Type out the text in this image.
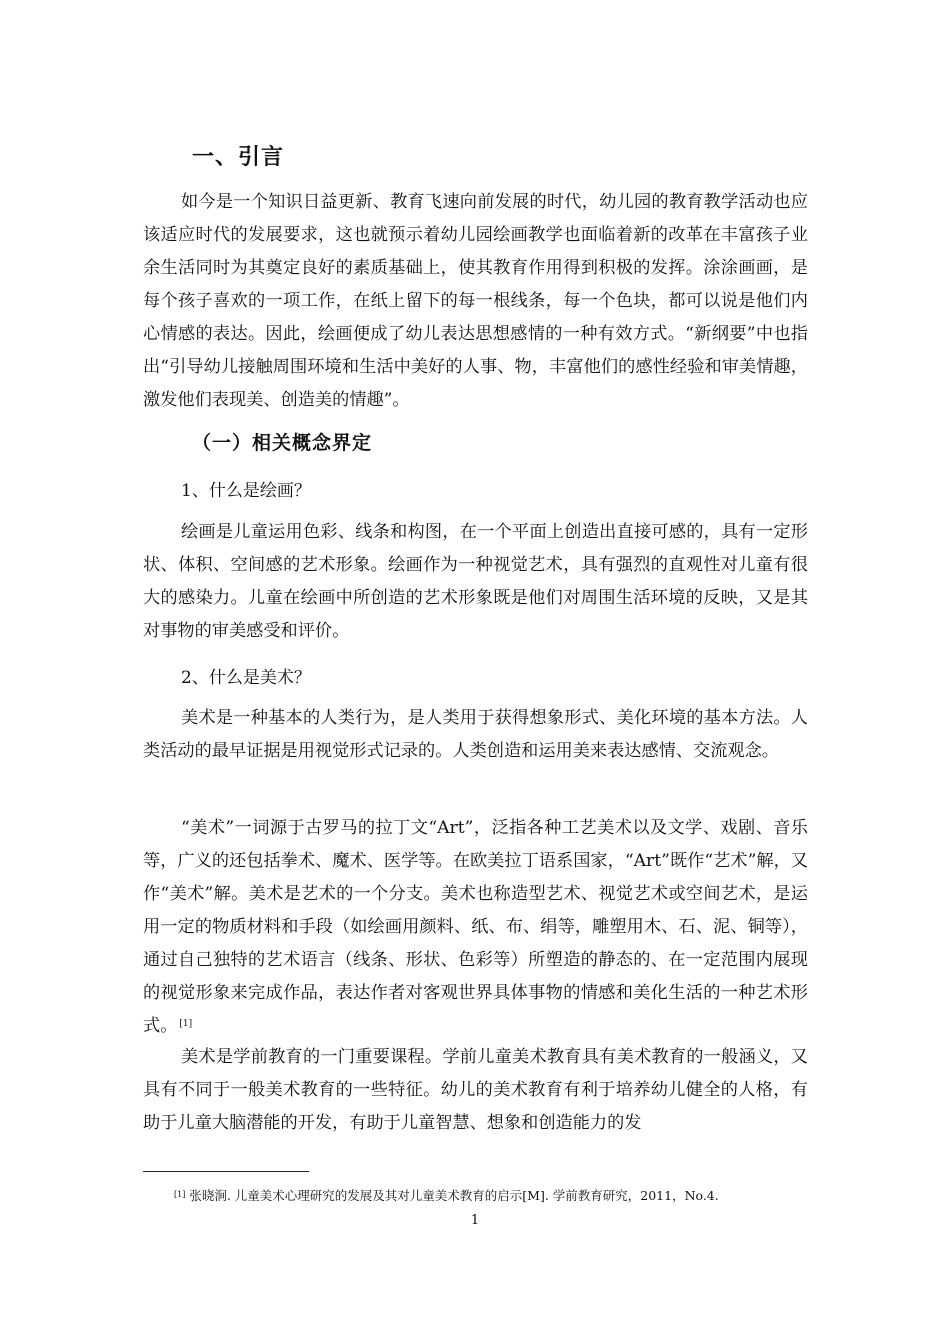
一、引言

如今是一个知识日益更新、教育飞速向前发展的时代，幼儿园的教育教学活动也应该适应时代的发展要求，这也就预示着幼儿园绘画教学也面临着新的改革在丰富孩子业余生活同时为其奠定良好的素质基础上，使其教育作用得到积极的发挥。涂涂画画，是每个孩子喜欢的一项工作，在纸上留下的每一根线条，每一个色块，都可以说是他们内心情感的表达。因此，绘画便成了幼儿表达思想感情的一种有效方式。“新纲要”中也指出“引导幼儿接触周围环境和生活中美好的人事、物，丰富他们的感性经验和审美情趣，激发他们表现美、创造美的情趣”。

（一）相关概念界定

1、什么是绘画？

绘画是儿童运用色彩、线条和构图，在一个平面上创造出直接可感的，具有一定形状、体积、空间感的艺术形象。绘画作为一种视觉艺术，具有强烈的直观性对儿童有很大的感染力。儿童在绘画中所创造的艺术形象既是他们对周围生活环境的反映，又是其对事物的审美感受和评价。

2、什么是美术？

美术是一种基本的人类行为，是人类用于获得想象形式、美化环境的基本方法。人类活动的最早证据是用视觉形式记录的。人类创造和运用美来表达感情、交流观念。

“美术”一词源于古罗马的拉丁文“Art”，泛指各种工艺美术以及文学、戏剧、音乐等，广义的还包括拳术、魔术、医学等。在欧美拉丁语系国家，“Art”既作“艺术”解，又作“美术”解。美术是艺术的一个分支。美术也称造型艺术、视觉艺术或空间艺术，是运用一定的物质材料和手段（如绘画用颜料、纸、布、绢等，雕塑用木、石、泥、铜等），通过自己独特的艺术语言（线条、形状、色彩等）所塑造的静态的、在一定范围内展现的视觉形象来完成作品，表达作者对客观世界具体事物的情感和美化生活的一种艺术形式。 [1]

美术是学前教育的一门重要课程。学前儿童美术教育具有美术教育的一般涵义，又具有不同于一般美术教育的一些特征。幼儿的美术教育有利于培养幼儿健全的人格，有助于儿童大脑潜能的开发，有助于儿童智慧、想象和创造能力的发

[1] 张晓涧. 儿童美术心理研究的发展及其对儿童美术教育的启示[M]. 学前教育研究，2011，No.4.
1
